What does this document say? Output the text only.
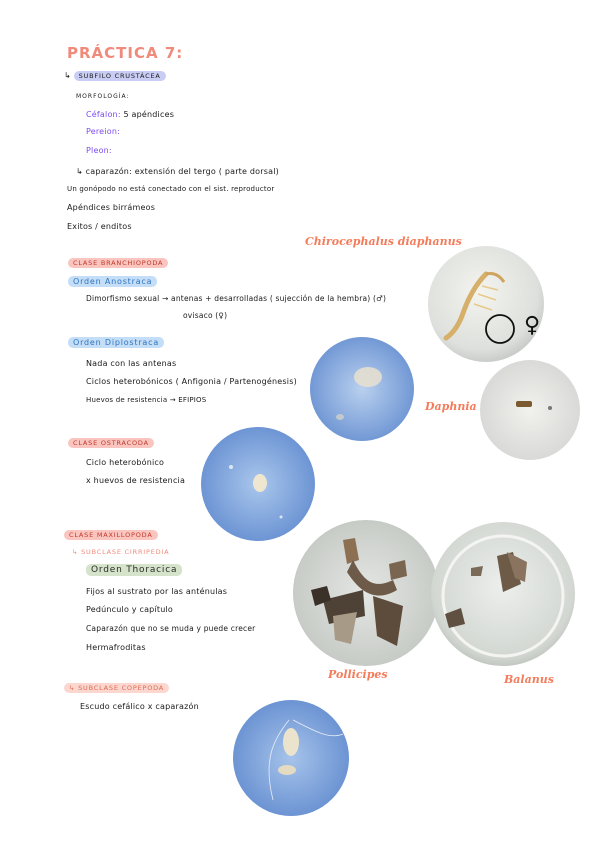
PRÁCTICA 7:
↳ SUBFILO CRUSTÁCEA
MORFOLOGÍA:
Céfalon: 5 apéndices
Pereion:
Pleon:
↳ caparazón: extensión del tergo ( parte dorsal)
Un gonópodo no está conectado con el sist. reproductor
Apéndices birrámeos
Exitos / enditos
Chirocephalus diaphanus
♀
CLASE BRANCHIOPODA
Orden Anostraca
Dimorfismo sexual → antenas + desarrolladas ( sujección de la hembra) (♂)
ovisaco (♀)
Orden Diplostraca
Nada con las antenas
Ciclos heterobónicos ( Anfigonia / Partenogénesis)
Huevos de resistencia → EFIPIOS	Daphnia
CLASE OSTRACODA
Ciclo heterobónico
x huevos de resistencia
CLASE MAXILLOPODA
↳ SUBCLASE CIRRIPEDIA
Orden Thoracica
Fijos al sustrato por las anténulas
Pedúnculo y capítulo
Caparazón que no se muda y puede crecer
Hermafroditas
Pollicipes	Balanus
↳ SUBCLASE COPEPODA
Escudo cefálico x caparazón
